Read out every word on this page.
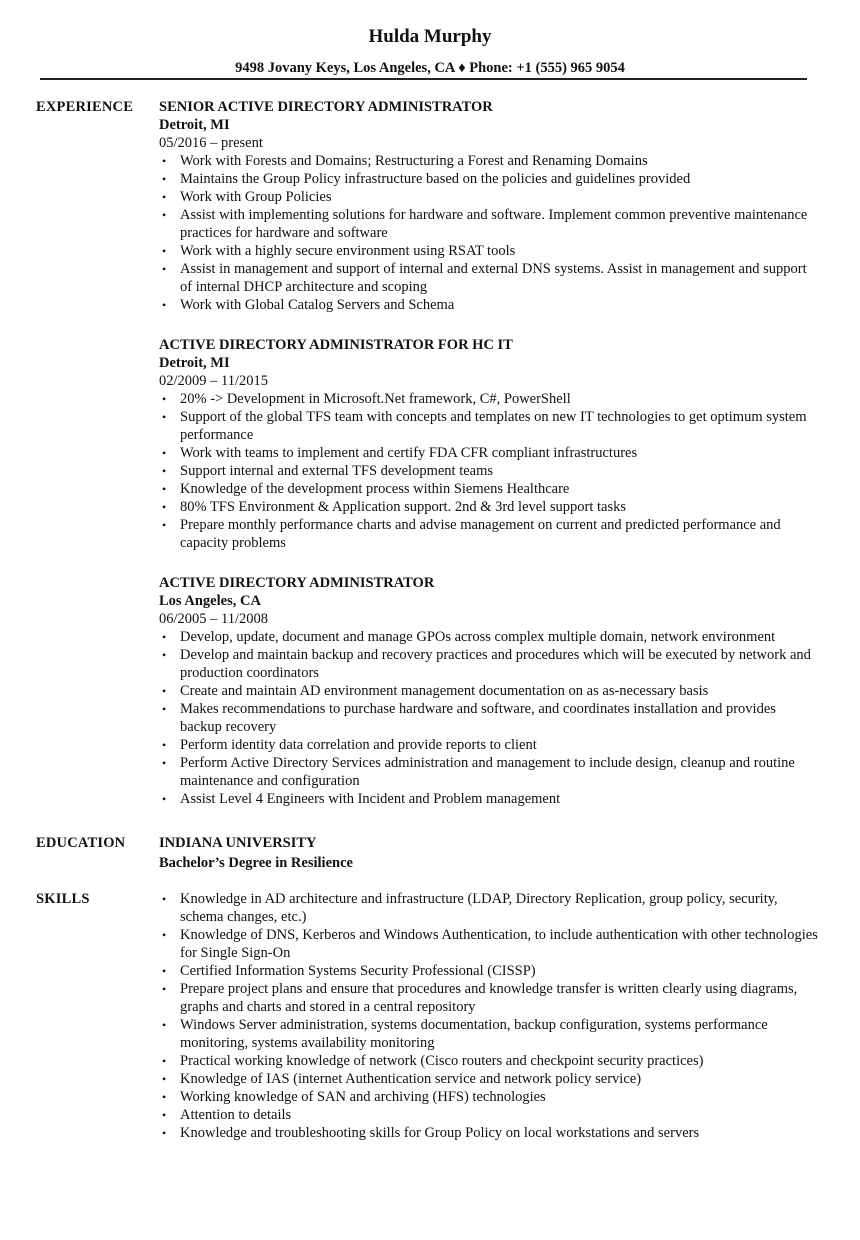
Hulda Murphy
9498 Jovany Keys, Los Angeles, CA ♦ Phone: +1 (555) 965 9054
EXPERIENCE SENIOR ACTIVE DIRECTORY ADMINISTRATOR
Detroit, MI
05/2016 – present
• Work with Forests and Domains; Restructuring a Forest and Renaming Domains
• Maintains the Group Policy infrastructure based on the policies and guidelines provided
• Work with Group Policies
• Assist with implementing solutions for hardware and software. Implement common preventive maintenance practices for hardware and software
• Work with a highly secure environment using RSAT tools
• Assist in management and support of internal and external DNS systems. Assist in management and support of internal DHCP architecture and scoping
• Work with Global Catalog Servers and Schema
ACTIVE DIRECTORY ADMINISTRATOR FOR HC IT
Detroit, MI
02/2009 – 11/2015
• 20% -> Development in Microsoft.Net framework, C#, PowerShell
• Support of the global TFS team with concepts and templates on new IT technologies to get optimum system performance
• Work with teams to implement and certify FDA CFR compliant infrastructures
• Support internal and external TFS development teams
• Knowledge of the development process within Siemens Healthcare
• 80% TFS Environment & Application support. 2nd & 3rd level support tasks
• Prepare monthly performance charts and advise management on current and predicted performance and capacity problems
ACTIVE DIRECTORY ADMINISTRATOR
Los Angeles, CA
06/2005 – 11/2008
• Develop, update, document and manage GPOs across complex multiple domain, network environment
• Develop and maintain backup and recovery practices and procedures which will be executed by network and production coordinators
• Create and maintain AD environment management documentation on as as-necessary basis
• Makes recommendations to purchase hardware and software, and coordinates installation and provides backup recovery
• Perform identity data correlation and provide reports to client
• Perform Active Directory Services administration and management to include design, cleanup and routine maintenance and configuration
• Assist Level 4 Engineers with Incident and Problem management
EDUCATION INDIANA UNIVERSITY
Bachelor’s Degree in Resilience
SKILLS	• Knowledge in AD architecture and infrastructure (LDAP, Directory Replication, group policy, security, schema changes, etc.)
• Knowledge of DNS, Kerberos and Windows Authentication, to include authentication with other technologies for Single Sign-On
• Certified Information Systems Security Professional (CISSP)
• Prepare project plans and ensure that procedures and knowledge transfer is written clearly using diagrams, graphs and charts and stored in a central repository
• Windows Server administration, systems documentation, backup configuration, systems performance monitoring, systems availability monitoring
• Practical working knowledge of network (Cisco routers and checkpoint security practices)
• Knowledge of IAS (internet Authentication service and network policy service)
• Working knowledge of SAN and archiving (HFS) technologies
• Attention to details
• Knowledge and troubleshooting skills for Group Policy on local workstations and servers
